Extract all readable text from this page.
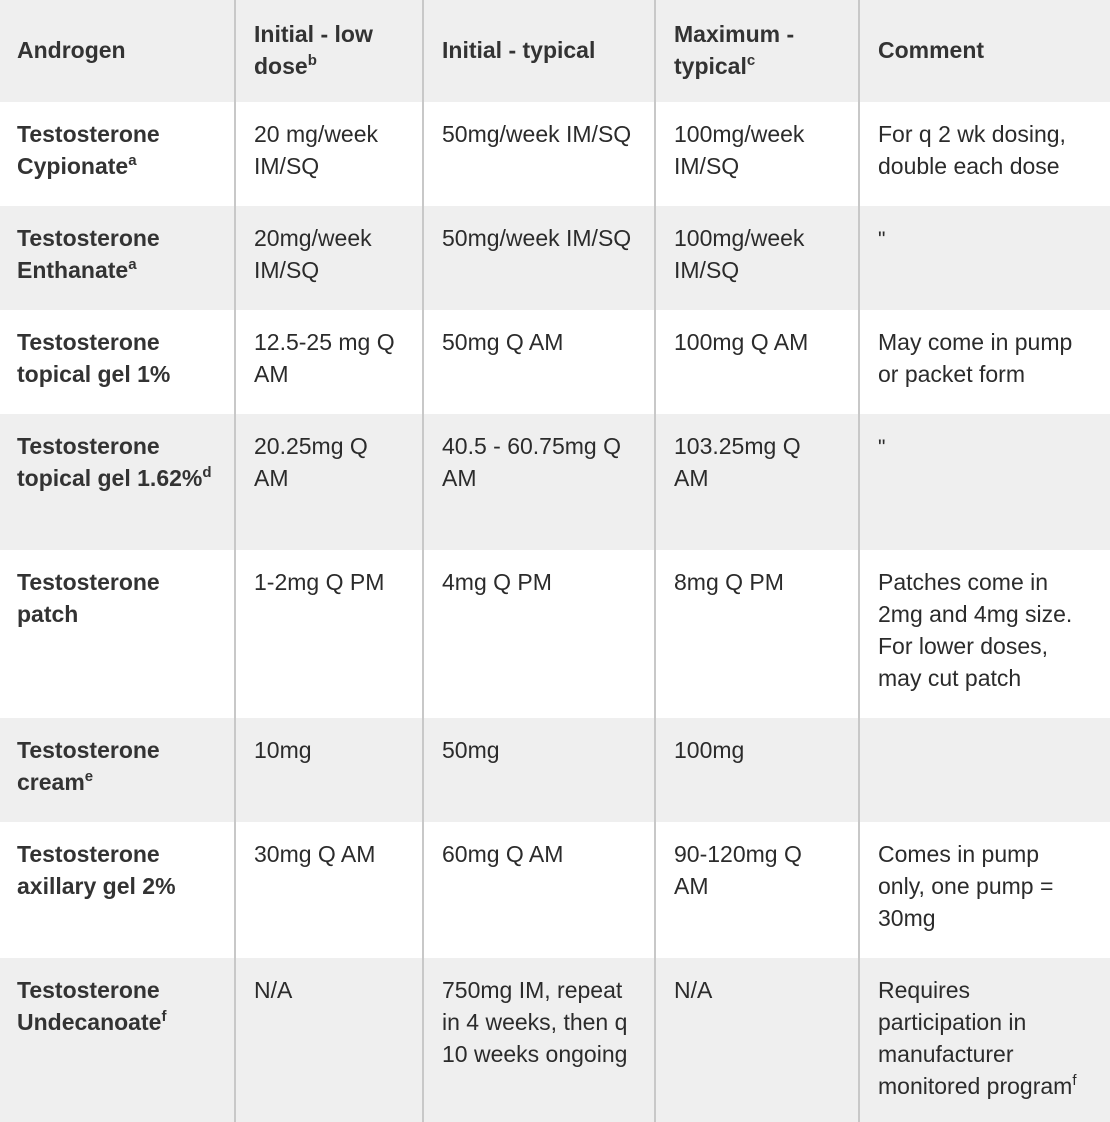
Androgen	Initial - low dose$^b$	Initial - typical	Maximum - typical$^c$	Comment
Testosterone Cypionate$^a$	20 mg/week IM/SQ	50mg/week IM/SQ	100mg/week IM/SQ	For q 2 wk dosing, double each dose
Testosterone Enthanate$^a$	20mg/week IM/SQ	50mg/week IM/SQ	100mg/week IM/SQ	"
Testosterone topical gel 1%	12.5-25 mg Q AM	50mg Q AM	100mg Q AM	May come in pump or packet form
Testosterone topical gel 1.62%$^d$	20.25mg Q AM	40.5 - 60.75mg Q AM	103.25mg Q AM	"
Testosterone patch	1-2mg Q PM	4mg Q PM	8mg Q PM	Patches come in 2mg and 4mg size. For lower doses, may cut patch
Testosterone cream$^e$	10mg	50mg	100mg	
Testosterone axillary gel 2%	30mg Q AM	60mg Q AM	90-120mg Q AM	Comes in pump only, one pump = 30mg
Testosterone Undecanoate$^f$	N/A	750mg IM, repeat in 4 weeks, then q 10 weeks ongoing	N/A	Requires participation in manufacturer monitored program$^f$
